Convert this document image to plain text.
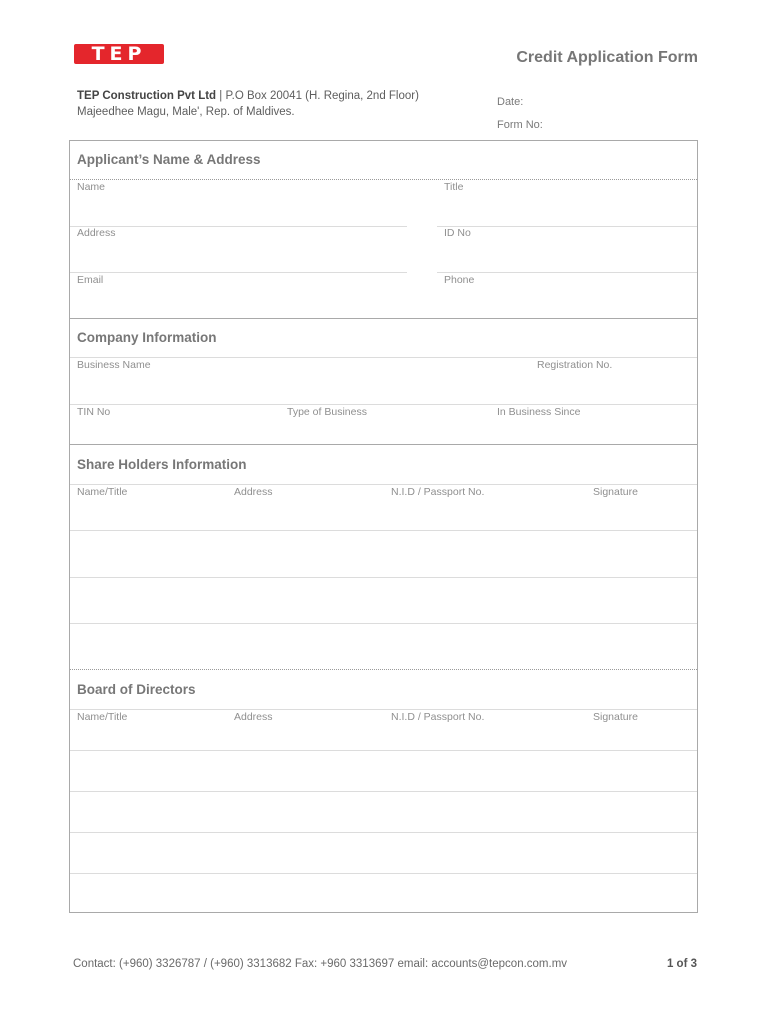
TEP	Credit Application Form
TEP Construction Pvt Ltd | P.O Box 20041 (H. Regina, 2nd Floor)
Majeedhee Magu, Male', Rep. of Maldives.
Date:
Form No:
Applicant’s Name & Address
Name	Title
Address	ID No
Email	Phone
Company Information
Business Name	Registration No.
TIN No	Type of Business	In Business Since
Share Holders Information
Name/Title	Address	N.I.D / Passport No.	Signature
Board of Directors
Name/Title	Address	N.I.D / Passport No.	Signature
Contact: (+960) 3326787 / (+960) 3313682 Fax: +960 3313697 email: accounts@tepcon.com.mv	1 of 3
